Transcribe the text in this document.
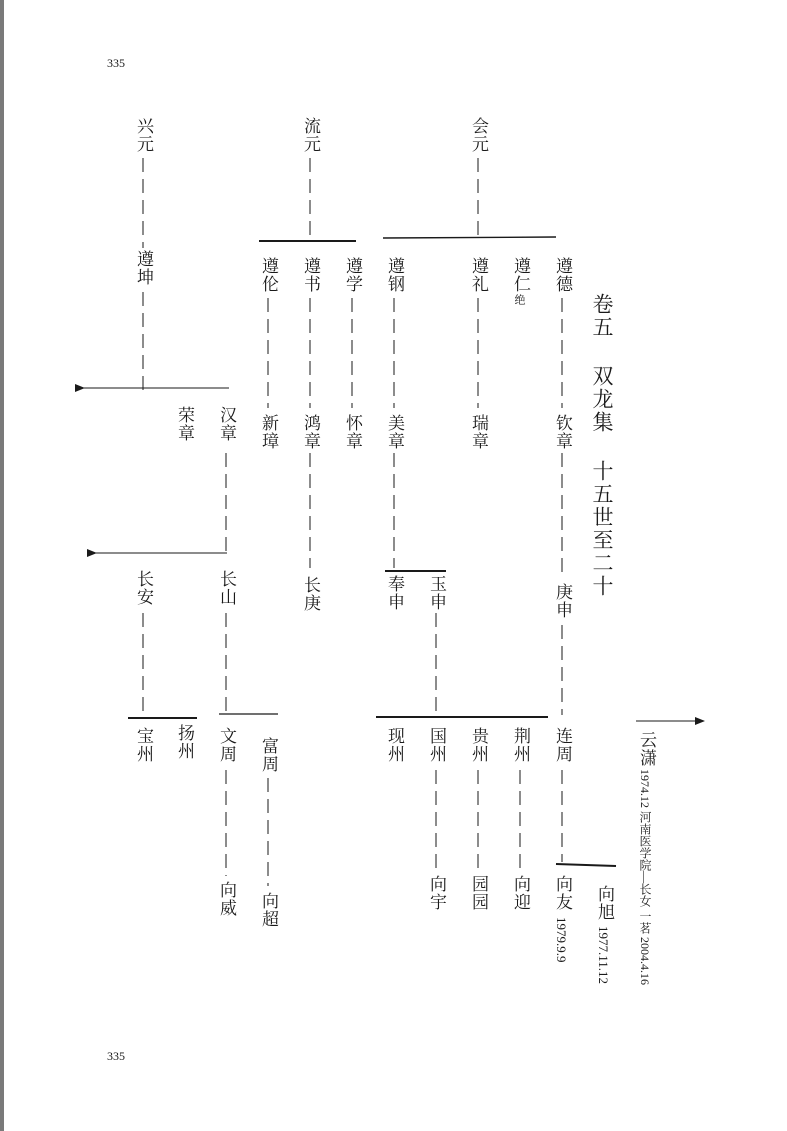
335
335
卷五 双龙集 十五世至二十
兴元	流元	会元
遵坤	遵伦 遵书 遵学 遵钢	遵礼 遵仁
绝
遵德
荣章 汉章 新璋 鸿章 怀章 美章	瑞章	钦章
长安	长山	长庚	奉申 玉申	庚申
宝州 扬州 文周 富周	现州 国州 贵州 荆州 连周
向威 向超	向宇 园园 向迎 向友 向旭
1979.9.9 1977.11.12
云潇
1974.12 河南医学院—长女 一茗 2004.4.16
